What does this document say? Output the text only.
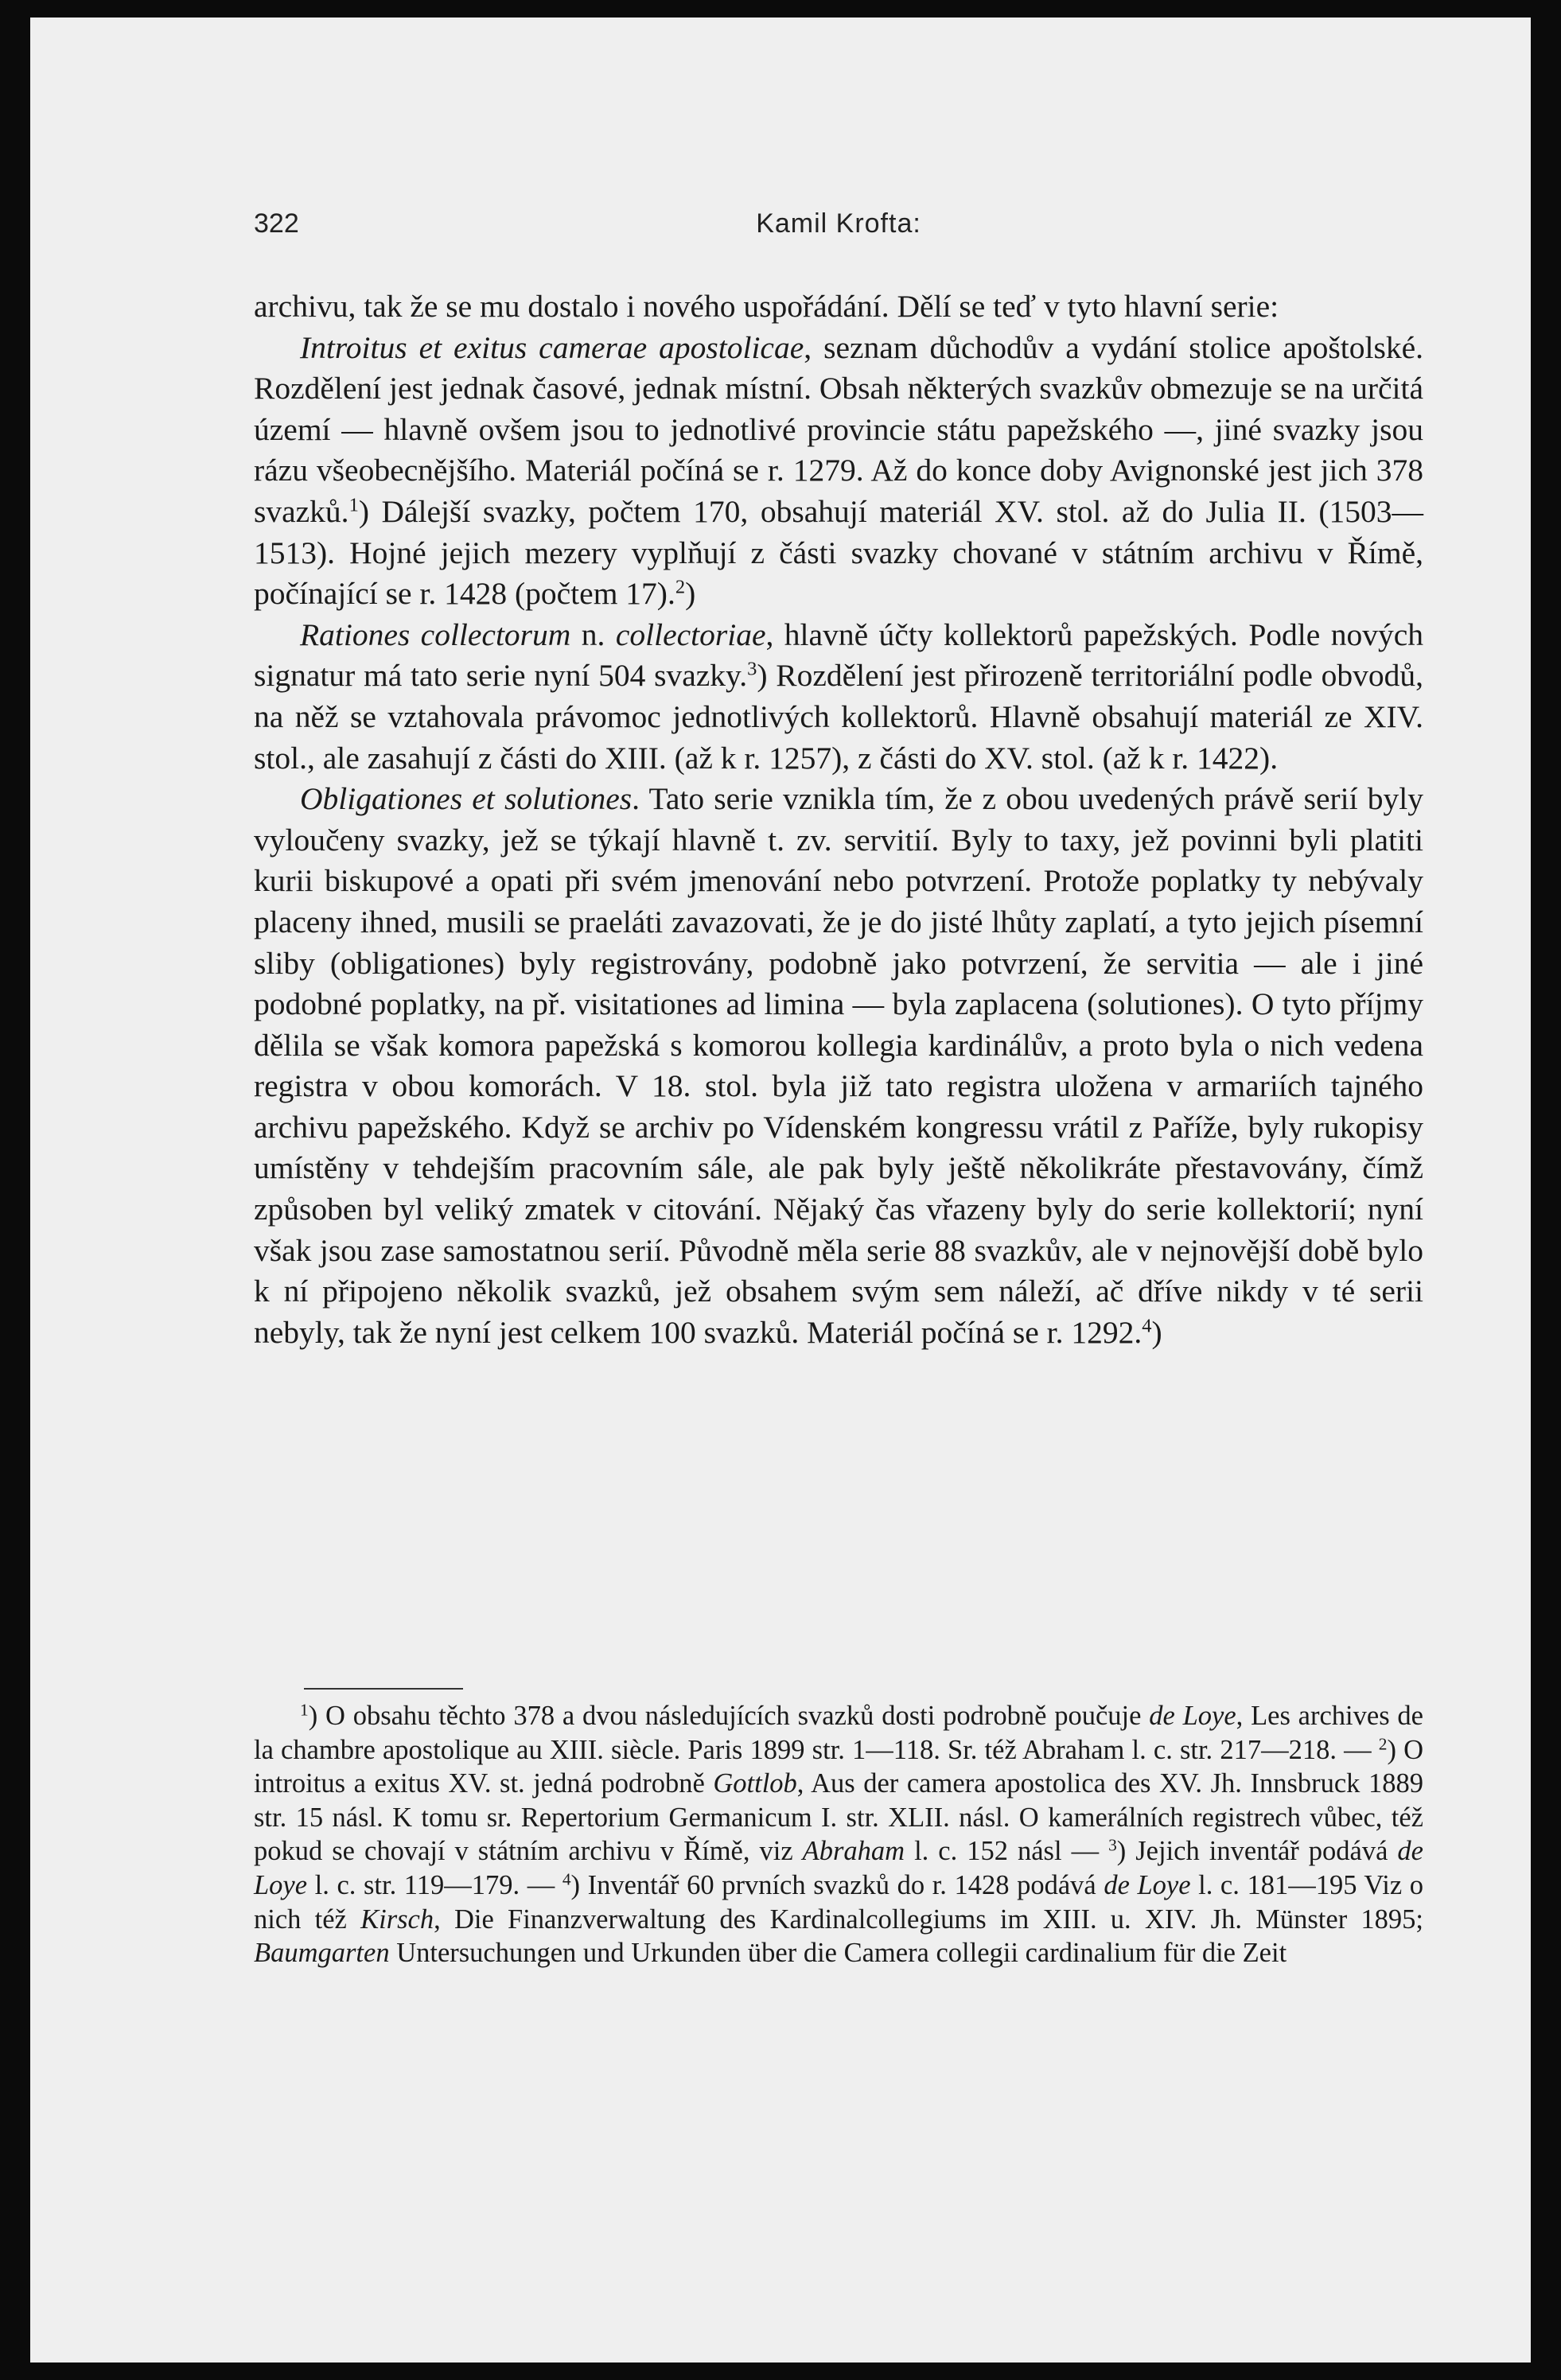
322	Kamil Krofta:

archivu, tak že se mu dostalo i nového uspořádání. Dělí se teď v tyto hlavní serie:

Introitus et exitus camerae apostolicae, seznam důchodův a vydání stolice apoštolské. Rozdělení jest jednak časové, jednak místní. Obsah některých svazkův obmezuje se na určitá území — hlavně ovšem jsou to jednotlivé provincie státu papežského —, jiné svazky jsou rázu všeobecnějšího. Materiál počíná se r. 1279. Až do konce doby Avignonské jest jich 378 svazků.$^1$) Dálejší svazky, počtem 170, obsahují materiál XV. stol. až do Julia II. (1503—1513). Hojné jejich mezery vyplňují z části svazky chované v státním archivu v Římě, počínající se r. 1428 (počtem 17).$^2$)

Rationes collectorum n. collectoriae, hlavně účty kollektorů papežských. Podle nových signatur má tato serie nyní 504 svazky.$^3$) Rozdělení jest přirozeně territoriální podle obvodů, na něž se vztahovala právomoc jednotlivých kollektorů. Hlavně obsahují materiál ze XIV. stol., ale zasahují z části do XIII. (až k r. 1257), z části do XV. stol. (až k r. 1422).

Obligationes et solutiones. Tato serie vznikla tím, že z obou uvedených právě serií byly vyloučeny svazky, jež se týkají hlavně t. zv. servitií. Byly to taxy, jež povinni byli platiti kurii biskupové a opati při svém jmenování nebo potvrzení. Protože poplatky ty nebývaly placeny ihned, musili se praeláti zavazovati, že je do jisté lhůty zaplatí, a tyto jejich písemní sliby (obligationes) byly registrovány, podobně jako potvrzení, že servitia — ale i jiné podobné poplatky, na př. visitationes ad limina — byla zaplacena (solutiones). O tyto příjmy dělila se však komora papežská s komorou kollegia kardinálův, a proto byla o nich vedena registra v obou komorách. V 18. stol. byla již tato registra uložena v armariích tajného archivu papežského. Když se archiv po Vídenském kongressu vrátil z Paříže, byly rukopisy umístěny v tehdejším pracovním sále, ale pak byly ještě několikráte přestavovány, čímž způsoben byl veliký zmatek v citování. Nějaký čas vřazeny byly do serie kollektorií; nyní však jsou zase samostatnou serií. Původně měla serie 88 svazkův, ale v nejnovější době bylo k ní připojeno několik svazků, jež obsahem svým sem náleží, ač dříve nikdy v té serii nebyly, tak že nyní jest celkem 100 svazků. Materiál počíná se r. 1292.$^4$)

$^1$) O obsahu těchto 378 a dvou následujících svazků dosti podrobně poučuje de Loye, Les archives de la chambre apostolique au XIII. siècle. Paris 1899 str. 1—118. Sr. též Abraham l. c. str. 217—218. — $^2$) O introitus a exitus XV. st. jedná podrobně Gottlob, Aus der camera apostolica des XV. Jh. Innsbruck 1889 str. 15 násl. K tomu sr. Repertorium Germanicum I. str. XLII. násl. O kamerálních registrech vůbec, též pokud se chovají v státním archivu v Římě, viz Abraham l. c. 152 násl — $^3$) Jejich inventář podává de Loye l. c. str. 119—179. — $^4$) Inventář 60 prvních svazků do r. 1428 podává de Loye l. c. 181—195 Viz o nich též Kirsch, Die Finanzverwaltung des Kardinalcollegiums im XIII. u. XIV. Jh. Münster 1895; Baumgarten Untersuchungen und Urkunden über die Camera collegii cardinalium für die Zeit
